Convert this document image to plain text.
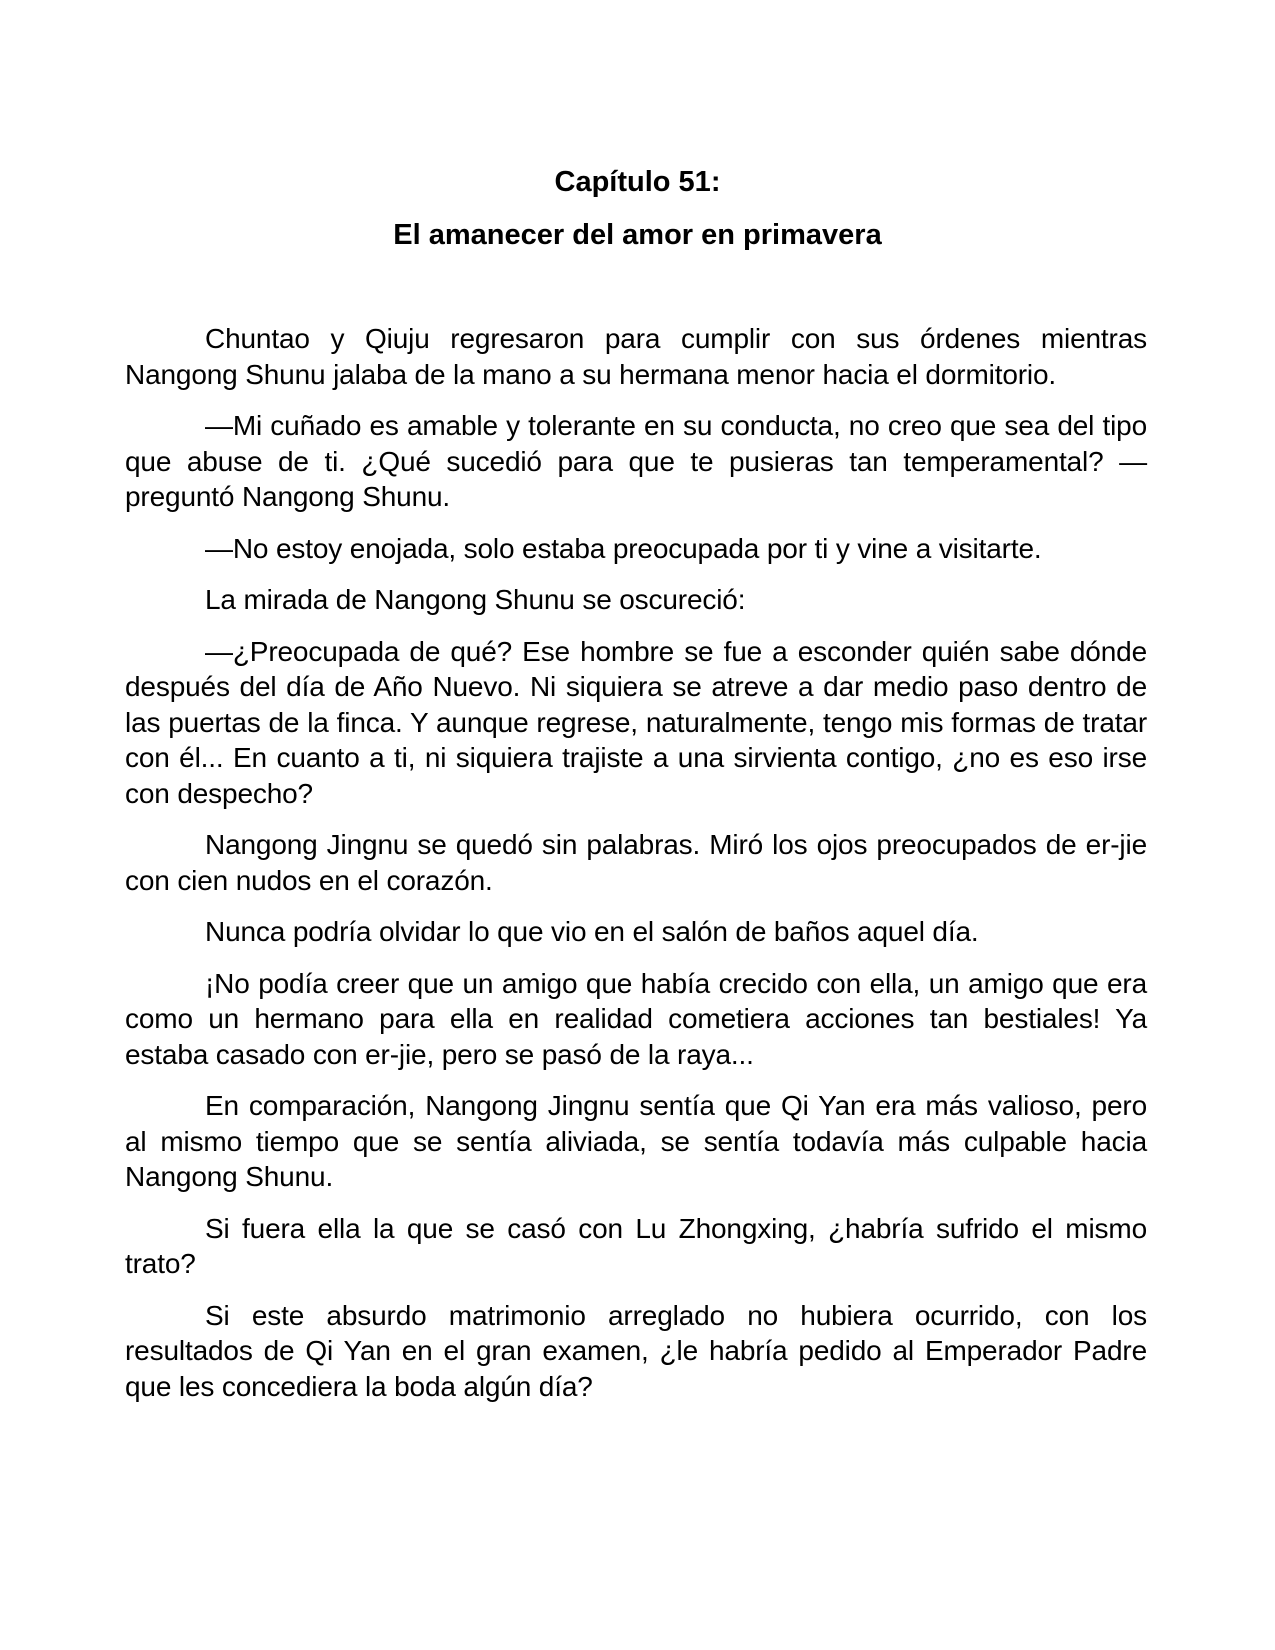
Capítulo 51:
El amanecer del amor en primavera

Chuntao y Qiuju regresaron para cumplir con sus órdenes mientras Nangong Shunu jalaba de la mano a su hermana menor hacia el dormitorio.

—Mi cuñado es amable y tolerante en su conducta, no creo que sea del tipo que abuse de ti. ¿Qué sucedió para que te pusieras tan temperamental? —preguntó Nangong Shunu.

—No estoy enojada, solo estaba preocupada por ti y vine a visitarte.

La mirada de Nangong Shunu se oscureció:

—¿Preocupada de qué? Ese hombre se fue a esconder quién sabe dónde después del día de Año Nuevo. Ni siquiera se atreve a dar medio paso dentro de las puertas de la finca. Y aunque regrese, naturalmente, tengo mis formas de tratar con él... En cuanto a ti, ni siquiera trajiste a una sirvienta contigo, ¿no es eso irse con despecho?

Nangong Jingnu se quedó sin palabras. Miró los ojos preocupados de er-jie con cien nudos en el corazón.

Nunca podría olvidar lo que vio en el salón de baños aquel día.

¡No podía creer que un amigo que había crecido con ella, un amigo que era como un hermano para ella en realidad cometiera acciones tan bestiales! Ya estaba casado con er-jie, pero se pasó de la raya...

En comparación, Nangong Jingnu sentía que Qi Yan era más valioso, pero al mismo tiempo que se sentía aliviada, se sentía todavía más culpable hacia Nangong Shunu.

Si fuera ella la que se casó con Lu Zhongxing, ¿habría sufrido el mismo trato?

Si este absurdo matrimonio arreglado no hubiera ocurrido, con los resultados de Qi Yan en el gran examen, ¿le habría pedido al Emperador Padre que les concediera la boda algún día?
